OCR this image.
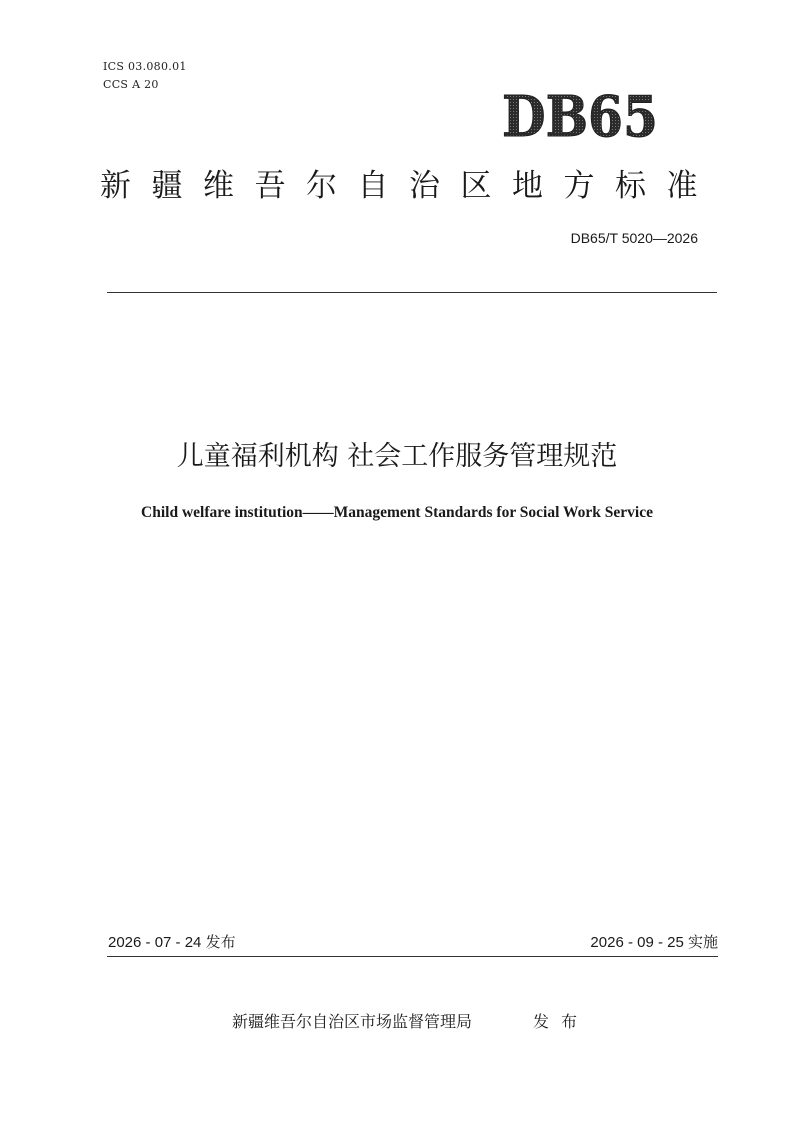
ICS 03.080.01
CCS A 20	DB65
新疆维吾尔自治区地方标准
DB65/T 5020—2026
儿童福利机构 社会工作服务管理规范
Child welfare institution——Management Standards for Social Work Service
2026 - 07 - 24 发布	2026 - 09 - 25 实施
新疆维吾尔自治区市场监督管理局	发布
